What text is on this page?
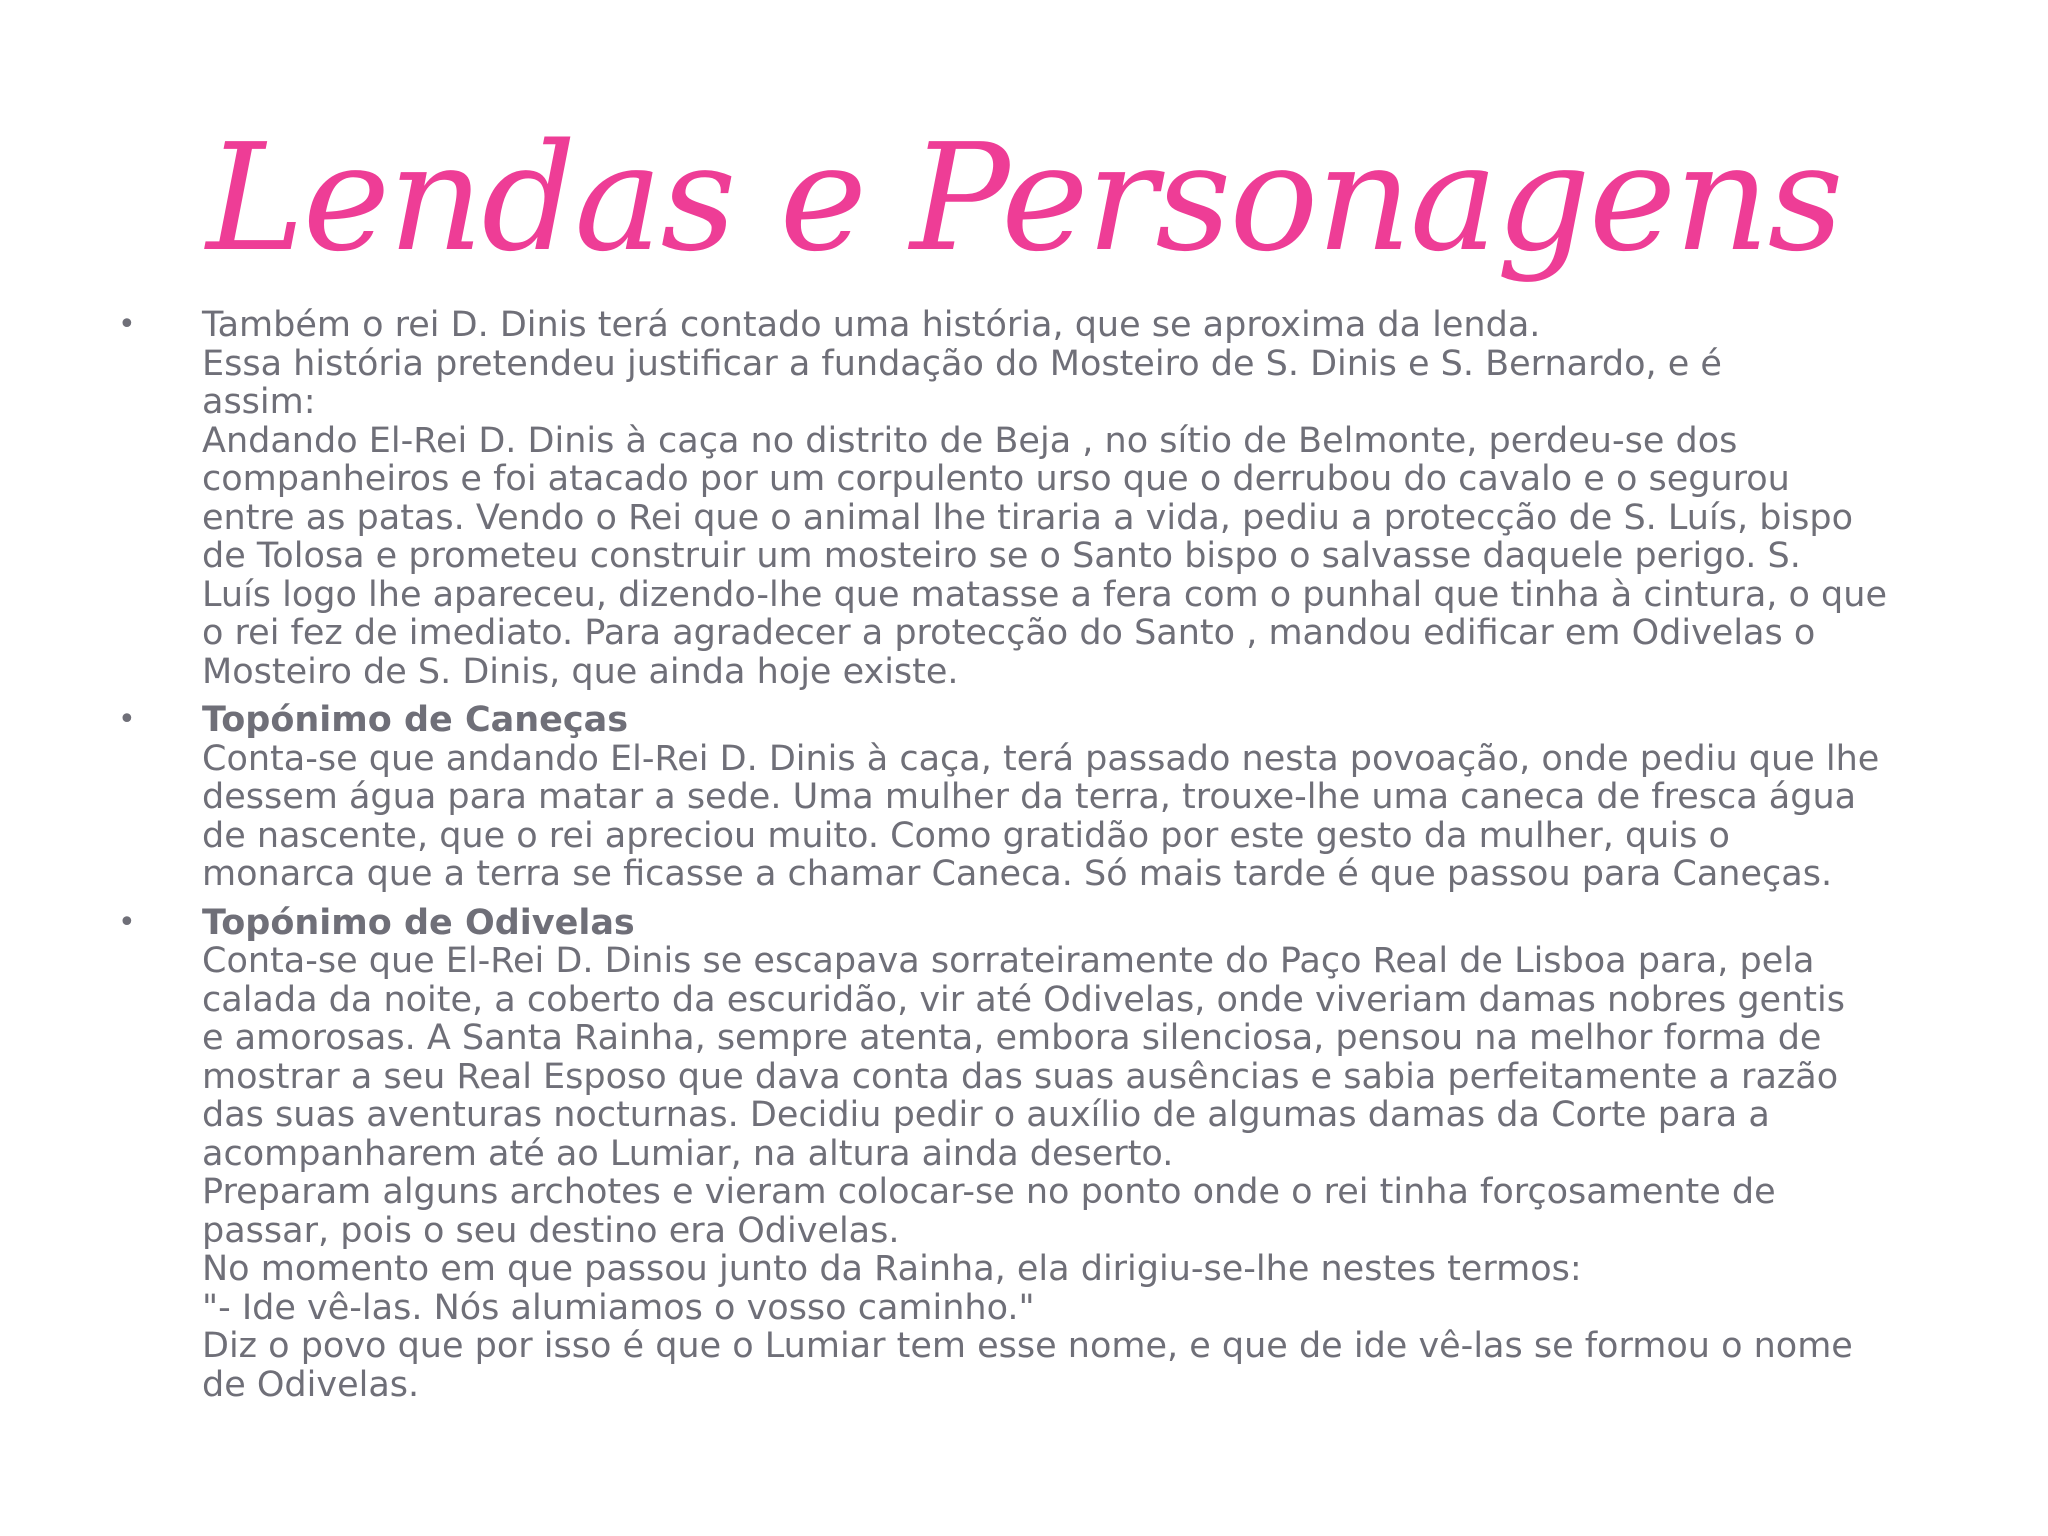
Lendas e Personagens
•	Também o rei D. Dinis terá contado uma história, que se aproxima da lenda.
Essa história pretendeu justificar a fundação do Mosteiro de S. Dinis e S. Bernardo, e é
assim:
Andando El-Rei D. Dinis à caça no distrito de Beja , no sítio de Belmonte, perdeu-se dos
companheiros e foi atacado por um corpulento urso que o derrubou do cavalo e o segurou
entre as patas. Vendo o Rei que o animal lhe tiraria a vida, pediu a protecção de S. Luís, bispo
de Tolosa e prometeu construir um mosteiro se o Santo bispo o salvasse daquele perigo. S.
Luís logo lhe apareceu, dizendo-lhe que matasse a fera com o punhal que tinha à cintura, o que
o rei fez de imediato. Para agradecer a protecção do Santo , mandou edificar em Odivelas o
Mosteiro de S. Dinis, que ainda hoje existe.
•	Topónimo de Caneças
Conta-se que andando El-Rei D. Dinis à caça, terá passado nesta povoação, onde pediu que lhe
dessem água para matar a sede. Uma mulher da terra, trouxe-lhe uma caneca de fresca água
de nascente, que o rei apreciou muito. Como gratidão por este gesto da mulher, quis o
monarca que a terra se ficasse a chamar Caneca. Só mais tarde é que passou para Caneças.
•	Topónimo de Odivelas
Conta-se que El-Rei D. Dinis se escapava sorrateiramente do Paço Real de Lisboa para, pela
calada da noite, a coberto da escuridão, vir até Odivelas, onde viveriam damas nobres gentis
e amorosas. A Santa Rainha, sempre atenta, embora silenciosa, pensou na melhor forma de
mostrar a seu Real Esposo que dava conta das suas ausências e sabia perfeitamente a razão
das suas aventuras nocturnas. Decidiu pedir o auxílio de algumas damas da Corte para a
acompanharem até ao Lumiar, na altura ainda deserto.
Preparam alguns archotes e vieram colocar-se no ponto onde o rei tinha forçosamente de
passar, pois o seu destino era Odivelas.
No momento em que passou junto da Rainha, ela dirigiu-se-lhe nestes termos:
"- Ide vê-las. Nós alumiamos o vosso caminho."
Diz o povo que por isso é que o Lumiar tem esse nome, e que de ide vê-las se formou o nome
de Odivelas.
